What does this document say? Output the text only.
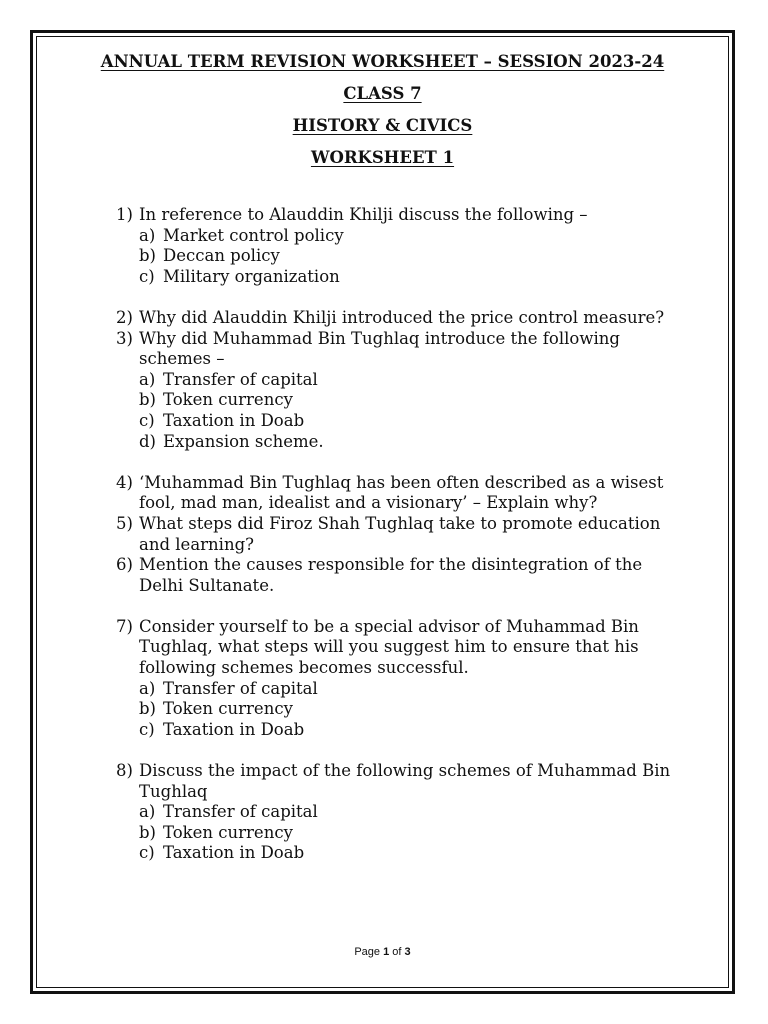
ANNUAL TERM REVISION WORKSHEET – SESSION 2023-24

CLASS 7

HISTORY & CIVICS

WORKSHEET 1

1) In reference to Alauddin Khilji discuss the following –
a) Market control policy
b) Deccan policy
c) Military organization
2) Why did Alauddin Khilji introduced the price control measure?
3) Why did Muhammad Bin Tughlaq introduce the following schemes –
a) Transfer of capital
b) Token currency
c) Taxation in Doab
d) Expansion scheme.
4) ‘Muhammad Bin Tughlaq has been often described as a wisest fool, mad man, idealist and a visionary’ – Explain why?
5) What steps did Firoz Shah Tughlaq take to promote education and learning?
6) Mention the causes responsible for the disintegration of the Delhi Sultanate.
7) Consider yourself to be a special advisor of Muhammad Bin Tughlaq, what steps will you suggest him to ensure that his following schemes becomes successful.
a) Transfer of capital
b) Token currency
c) Taxation in Doab
8) Discuss the impact of the following schemes of Muhammad Bin Tughlaq
a) Transfer of capital
b) Token currency
c) Taxation in Doab
Page 1 of 3
